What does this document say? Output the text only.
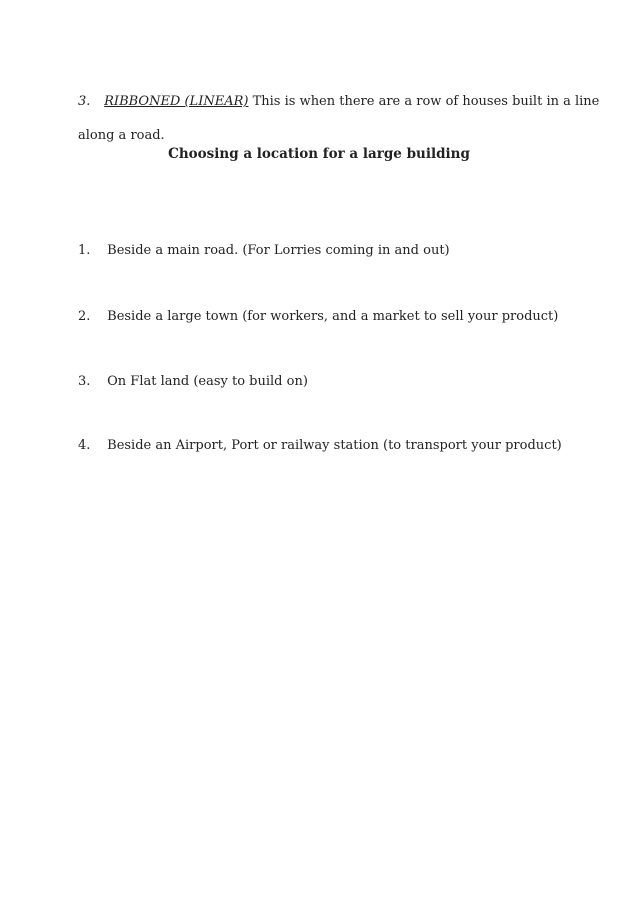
3. RIBBONED (LINEAR) This is when there are a row of houses built in a line
along a road.
Choosing a location for a large building
1. Beside a main road. (For Lorries coming in and out)
2. Beside a large town (for workers, and a market to sell your product)
3. On Flat land (easy to build on)
4. Beside an Airport, Port or railway station (to transport your product)
